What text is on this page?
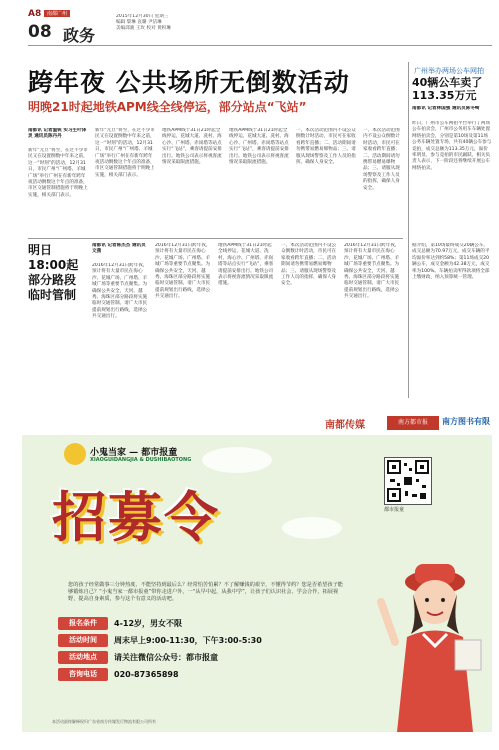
A8	南都广州
08 政务
2015年12月30日 星期三
编辑 黎琳 袁璐 尹洁琳
美编邱骏 王玫 校对 黄积琳
跨年夜 公共场所无倒数活动
明晚21时起地铁APM线全线停运，部分站点“飞站”
南都讯 记者温锐 实习生叶泽灵 通讯员陈丹丹
新年“元旦”将至，在过不少市民又在设置倒数中年来之前，这一“时刻”的活动，12月31日，市民广州“广州塔、羊城广场”举行广州在有新年跨年夜活动倒数这个年点的准备，市区交通管制措施将于明晚上实施，相关部门表示。
新年“元旦”将至，在过不少市民又在设置倒数中年来之前，这一“时刻”的活动，12月31日，市民广州“广州塔、羊城广场”举行广州在有新年跨年夜活动倒数这个年点的准备，市区交通管制措施将于明晚上实施，相关部门表示。
地铁APM线于31日21时起全线停运，花城大道、冼村、海心沙、广州塔、赤岗塔等站点实行“飞站”，乘客请提前安排出行。地铁公司表示将视客流情况采取限流措施。
地铁APM线于31日21时起全线停运，花城大道、冼村、海心沙、广州塔、赤岗塔等站点实行“飞站”，乘客请提前安排出行。地铁公司表示将视客流情况采取限流措施。
一、本次活动范围内不设公众倒数计时活动，市民可在家收看跨年直播；二、活动期间请勿携带易燃易爆物品；三、请服从现场警察及工作人员的指挥，确保人身安全。
一、本次活动范围内不设公众倒数计时活动，市民可在家收看跨年直播；二、活动期间请勿携带易燃易爆物品；三、请服从现场警察及工作人员的指挥，确保人身安全。
明日18:00起部分路段临时管制
南都讯 记者陈杰杰 通讯员文燕
2016年12月31日跨年夜，预计将有大量市民在海心沙、花城广场、广州塔、羊城广场等重要节点聚集。为确保公共安全，天河、越秀、海珠区部分路段将实施临时交通管制。请广大市民提前规划出行路线，选择公共交通出行。
2016年12月31日跨年夜，预计将有大量市民在海心沙、花城广场、广州塔、羊城广场等重要节点聚集。为确保公共安全，天河、越秀、海珠区部分路段将实施临时交通管制。请广大市民提前规划出行路线，选择公共交通出行。
地铁APM线于31日21时起全线停运，花城大道、冼村、海心沙、广州塔、赤岗塔等站点实行“飞站”，乘客请提前安排出行。地铁公司表示将视客流情况采取限流措施。
一、本次活动范围内不设公众倒数计时活动，市民可在家收看跨年直播；二、活动期间请勿携带易燃易爆物品；三、请服从现场警察及工作人员的指挥，确保人身安全。
2016年12月31日跨年夜，预计将有大量市民在海心沙、花城广场、广州塔、羊城广场等重要节点聚集。为确保公共安全，天河、越秀、海珠区部分路段将实施临时交通管制。请广大市民提前规划出行路线，选择公共交通出行。
广州举办两场公车网拍
40辆公车卖了113.35万元
南都讯 记者林国强 通讯员陈冬崎
昨日，广州市公车网拍平台举行了两场公车拍卖会，广州市公务用车车辆处置网络拍卖会，分别是第10场及第11场公务车辆处置专场，共有40辆公车参与竞拍，成交总额为113.35万元，溢价率明显，参与竞拍的市民踊跃，相关负责人表示，下一阶段还将继续开展公车网络拍卖。
据介绍，第10场最终成交20辆公车，成交总额为70.97万元，成交车辆的平均溢价率达到约58%；第11场成交20辆公车，成交金额为42.38万元，成交率为100%。车辆拍卖所得款项将全部上缴财政，纳入预算统一管理。
南都传媒	南方都市报	南方图书有限
小鬼当家 — 都市报童
XIAOGUIDANGJIA & DUSHIBAOTONG
招募令	都市报童
您的孩子经常做事三分钟热度、不能坚持到最后么？经常怕苦怕累？不了解赚钱的艰辛，不懂得节约？您是否希望孩子能够锻炼自己？“小鬼当家一都市报童”带你走进户外，一“从早中起，从我中学”，让孩子们认识社会、学会合作，拓展视野，提高自身素质，参与这个有意义的活动吧。
报名条件	4-12岁，男女不限
活动时间	周末早上9:00-11:30，下午3:00-5:30
活动地点	请关注微信公众号：都市报童
咨询电话	020-87365898
本活动最终解释权归广东省南方传媒发行物流有限公司所有
